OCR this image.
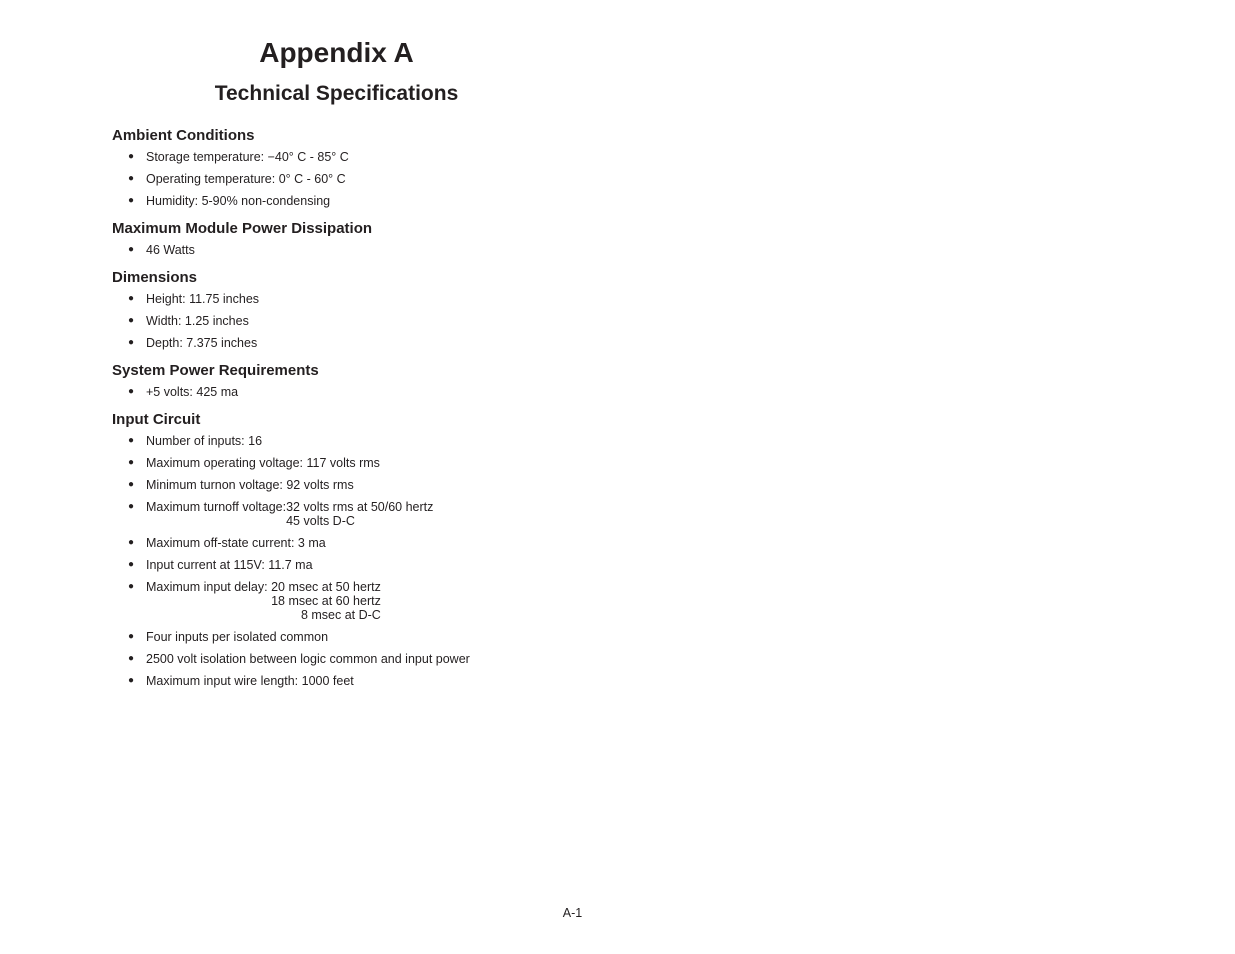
Appendix A
Technical Specifications
Ambient Conditions
● Storage temperature: −40° C - 85° C
● Operating temperature: 0° C - 60° C
● Humidity: 5-90% non-condensing
Maximum Module Power Dissipation
● 46 Watts
Dimensions
● Height: 11.75 inches
● Width: 1.25 inches
● Depth: 7.375 inches
System Power Requirements
● +5 volts: 425 ma
Input Circuit
● Number of inputs: 16
● Maximum operating voltage: 117 volts rms
● Minimum turnon voltage: 92 volts rms
● Maximum turnoff voltage: 32 volts rms at 50/60 hertz
45 volts D-C
● Maximum off-state current: 3 ma
● Input current at 115V: 11.7 ma
● Maximum input delay: 20 msec at 50 hertz
18 msec at 60 hertz
8 msec at D-C
● Four inputs per isolated common
● 2500 volt isolation between logic common and input power
● Maximum input wire length: 1000 feet
A-1
